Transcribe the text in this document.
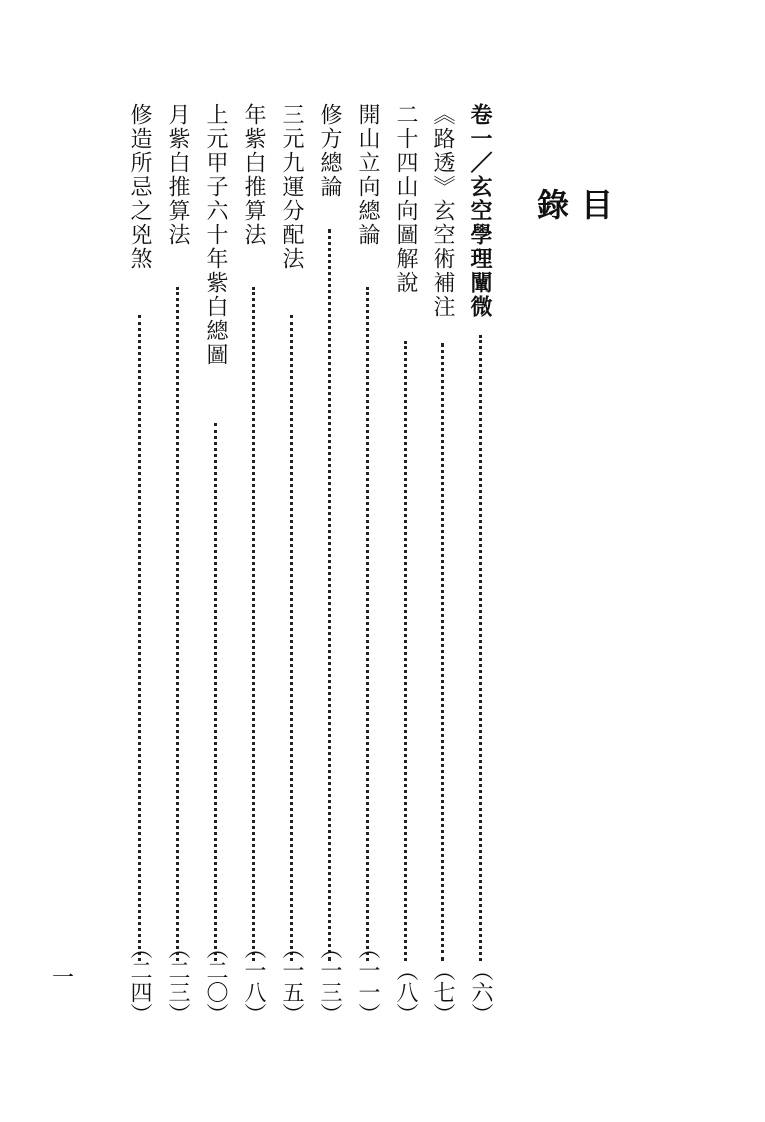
目 錄
卷一／玄空學理闡微
（六）
《路透》玄空術補注
（七）
二十四山向圖解說
（八）
開山立向總論
（一一）
修方總論
（一三）
三元九運分配法
（一五）
年紫白推算法
（一八）
上元甲子六十年紫白總圖
（二〇）
月紫白推算法
（二三）
修造所忌之兇煞
（二四）
一
